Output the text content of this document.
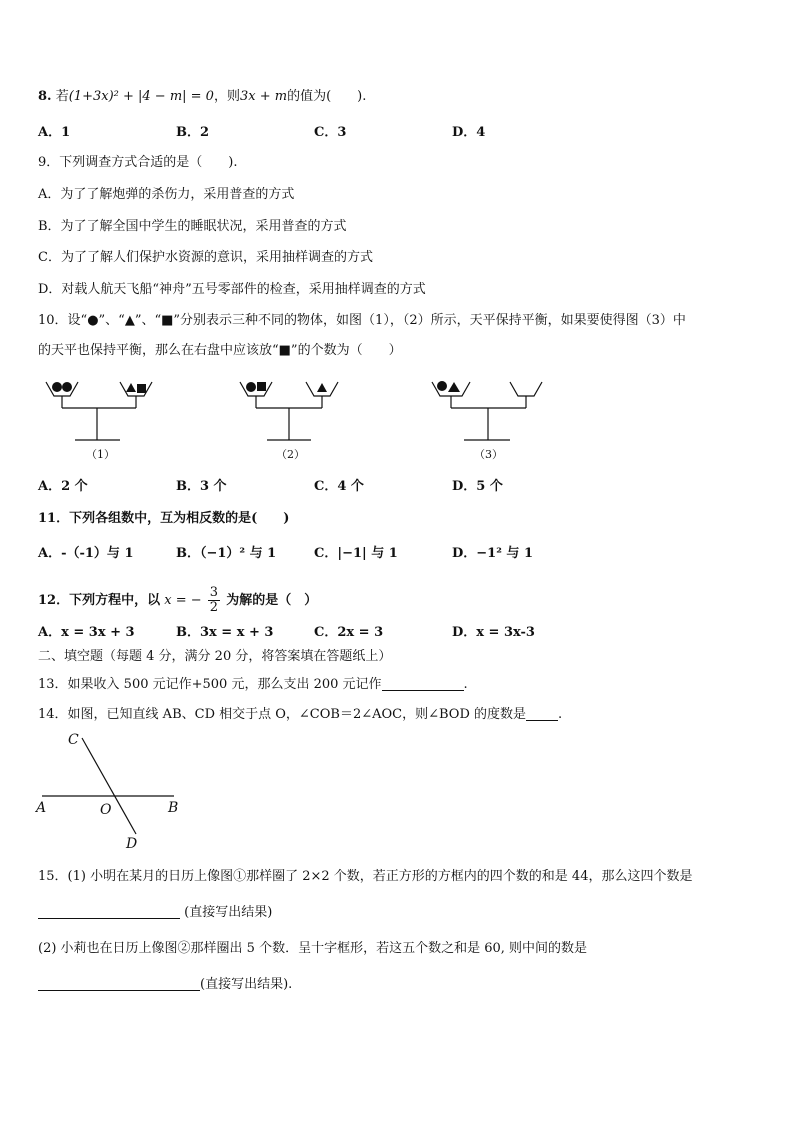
8. 若(1+3x)² + |4 − m| = 0，则3x + m的值为(　　).
A．1	B．2	C．3	D．4
9．下列调查方式合适的是（　　).
A．为了了解炮弹的杀伤力，采用普查的方式
B．为了了解全国中学生的睡眠状况，采用普查的方式
C．为了了解人们保护水资源的意识，采用抽样调查的方式
D．对载人航天飞船“神舟”五号零部件的检查，采用抽样调查的方式
10．设“●”、“▲”、“■”分别表示三种不同的物体，如图（1），（2）所示，天平保持平衡，如果要使得图（3）中
的天平也保持平衡，那么在右盘中应该放“■”的个数为（　　）
（1）	（2）	（3）
A．2 个	B．3 个	C．4 个	D．5 个
11．下列各组数中，互为相反数的是(　　)
A．-（-1）与 1	B．（−1）² 与 1	C．|−1| 与 1	D．−1² 与 1
12．下列方程中，以 x = − $\frac{3}{2}$ 为解的是（　）
A．x = 3x + 3	B．3x = x + 3	C．2x = 3	D．x = 3x-3
二、填空题（每题 4 分，满分 20 分，将答案填在答题纸上）
13．如果收入 500 元记作+500 元，那么支出 200 元记作	.
14．如图，已知直线 AB、CD 相交于点 O，∠COB＝2∠AOC，则∠BOD 的度数是 .
C
A	O	B
D
15．(1) 小明在某月的日历上像图①那样圈了 2×2 个数，若正方形的方框内的四个数的和是 44，那么这四个数是
(直接写出结果)
(2) 小莉也在日历上像图②那样圈出 5 个数．呈十字框形，若这五个数之和是 60, 则中间的数是
(直接写出结果).
